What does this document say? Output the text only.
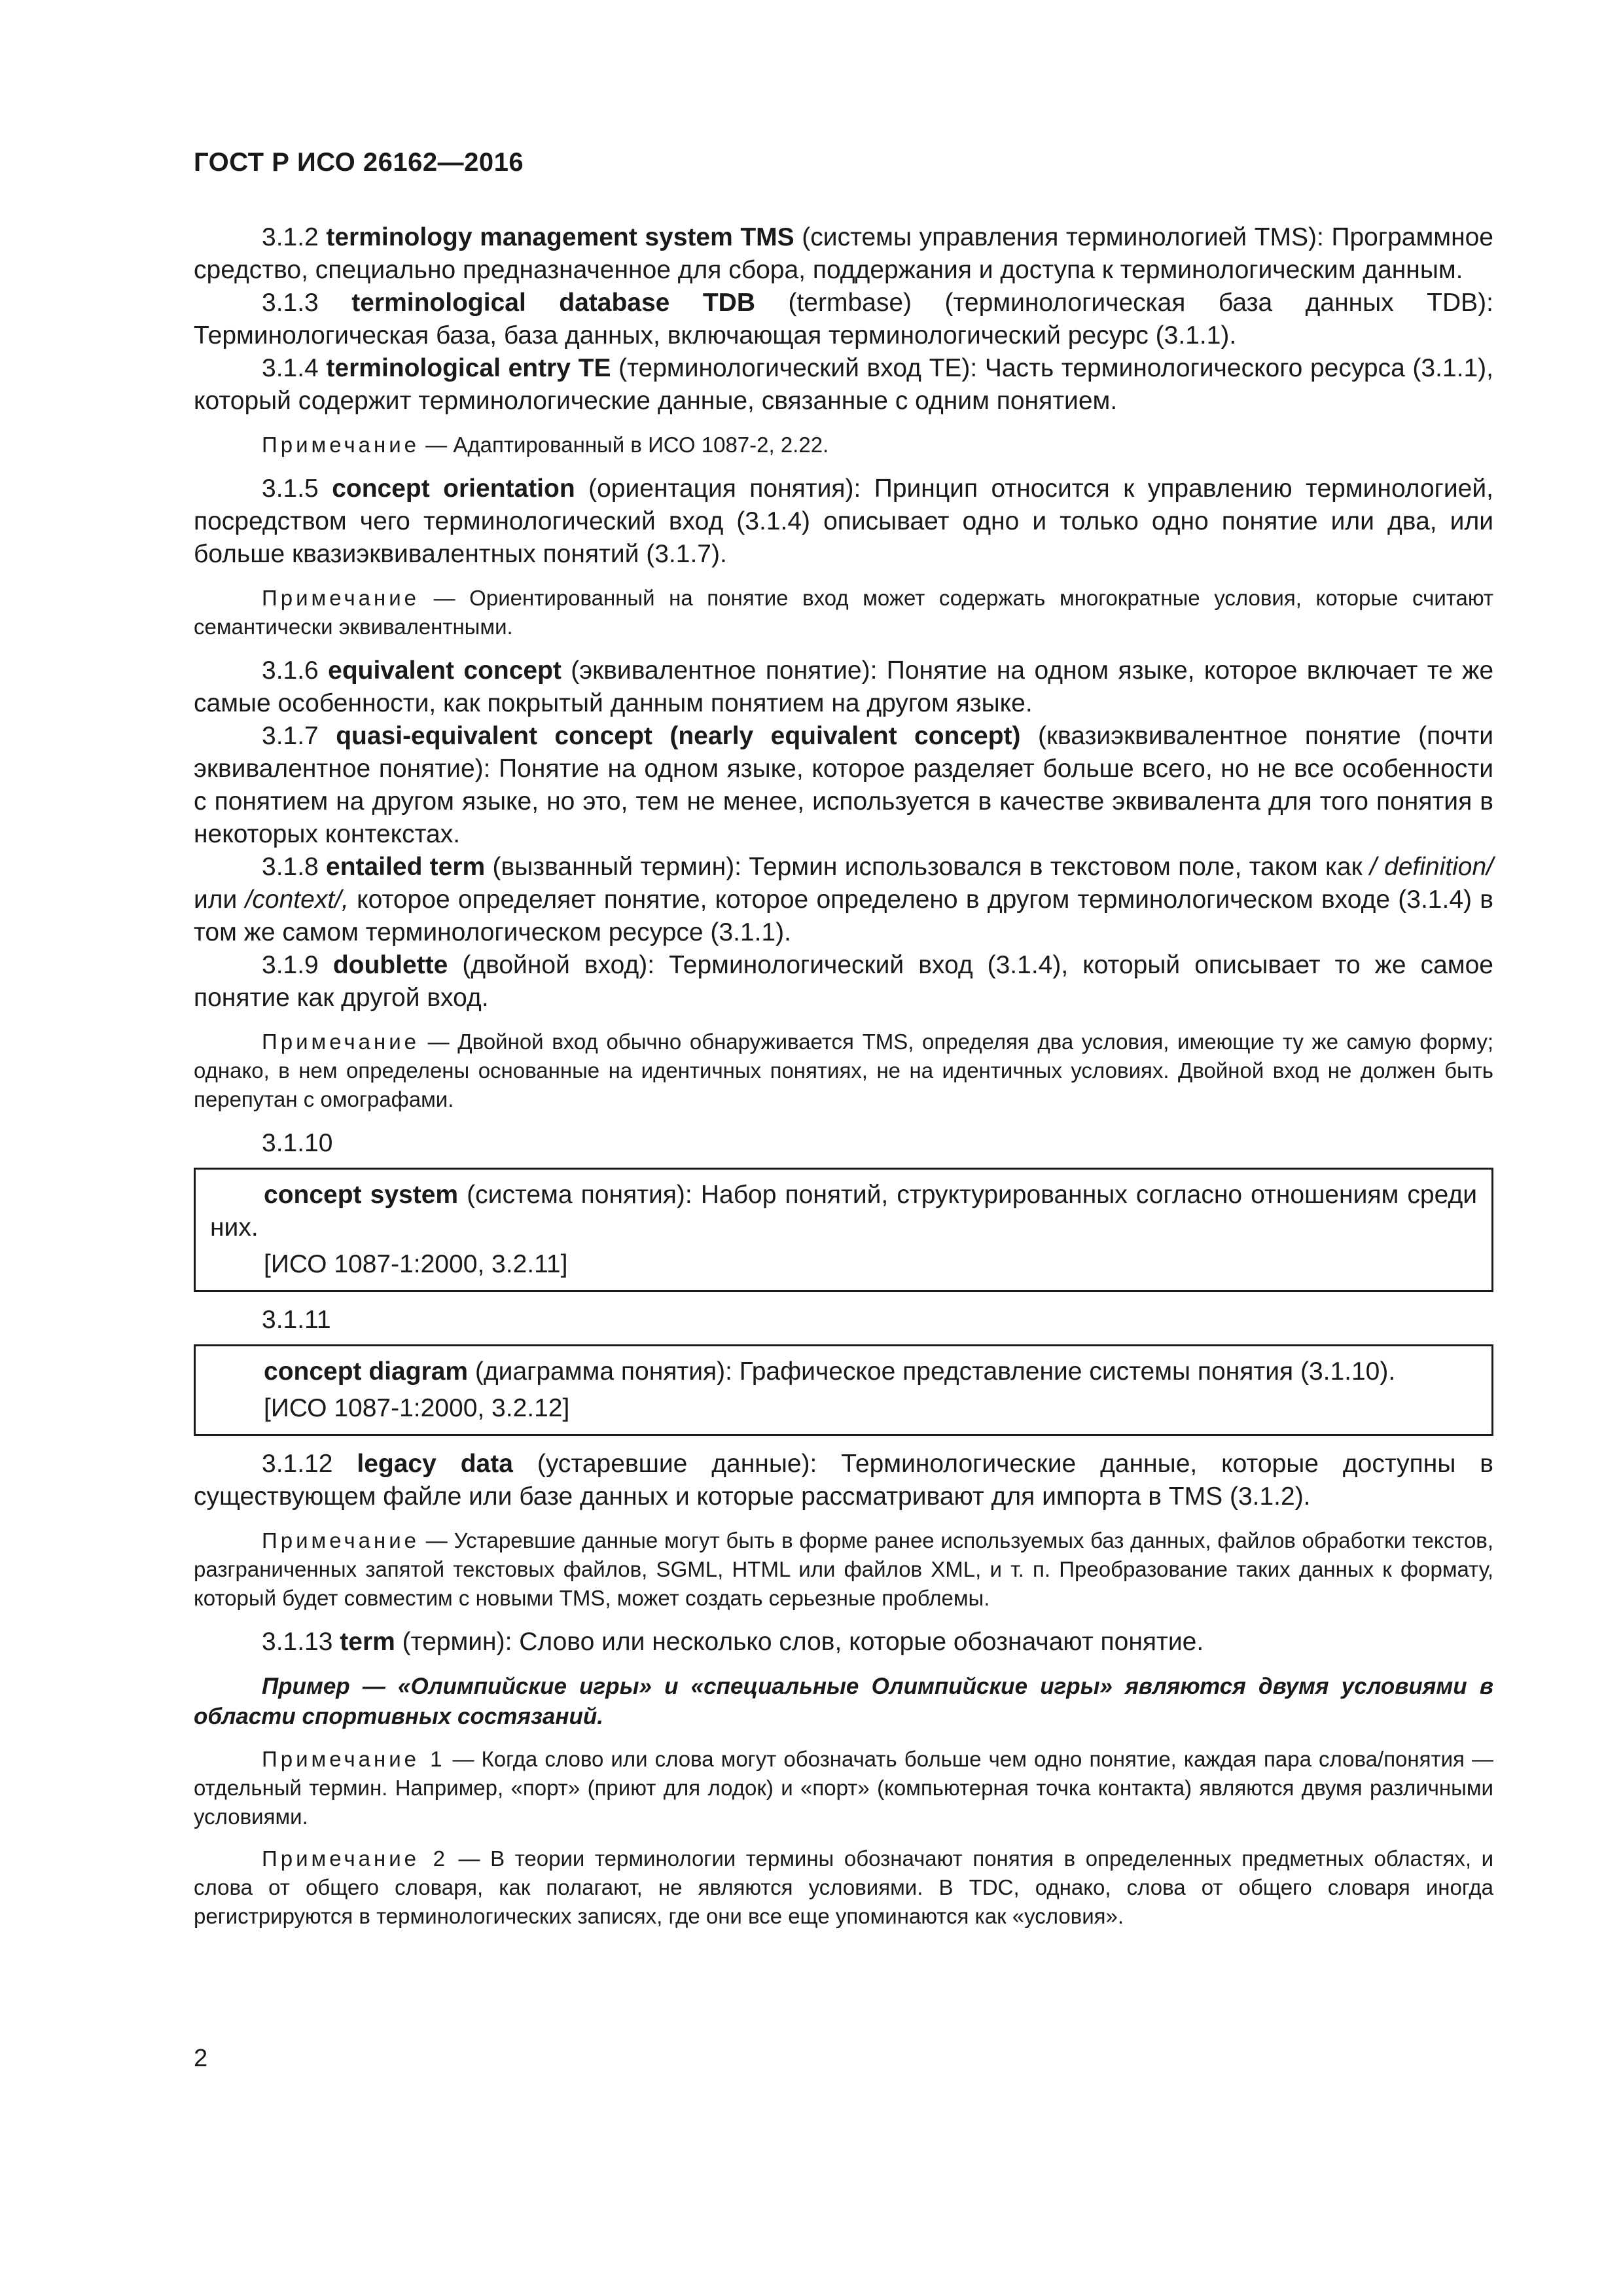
ГОСТ Р ИСО 26162—2016

3.1.2 terminology management system TMS (системы управления терминологией TMS): Программное средство, специально предназначенное для сбора, поддержания и доступа к терминологическим данным.

3.1.3 terminological database TDB (termbase) (терминологическая база данных TDB): Терминологическая база, база данных, включающая терминологический ресурс (3.1.1).

3.1.4 terminological entry TE (терминологический вход TE): Часть терминологического ресурса (3.1.1), который содержит терминологические данные, связанные с одним понятием.

Примечание — Адаптированный в ИСО 1087-2, 2.22.

3.1.5 concept orientation (ориентация понятия): Принцип относится к управлению терминологией, посредством чего терминологический вход (3.1.4) описывает одно и только одно понятие или два, или больше квазиэквивалентных понятий (3.1.7).

Примечание — Ориентированный на понятие вход может содержать многократные условия, которые считают семантически эквивалентными.

3.1.6 equivalent concept (эквивалентное понятие): Понятие на одном языке, которое включает те же самые особенности, как покрытый данным понятием на другом языке.

3.1.7 quasi-equivalent concept (nearly equivalent concept) (квазиэквивалентное понятие (почти эквивалентное понятие): Понятие на одном языке, которое разделяет больше всего, но не все особенности с понятием на другом языке, но это, тем не менее, используется в качестве эквивалента для того понятия в некоторых контекстах.

3.1.8 entailed term (вызванный термин): Термин использовался в текстовом поле, таком как / definition/ или /context/, которое определяет понятие, которое определено в другом терминологическом входе (3.1.4) в том же самом терминологическом ресурсе (3.1.1).

3.1.9 doublette (двойной вход): Терминологический вход (3.1.4), который описывает то же самое понятие как другой вход.

Примечание — Двойной вход обычно обнаруживается TMS, определяя два условия, имеющие ту же самую форму; однако, в нем определены основанные на идентичных понятиях, не на идентичных условиях. Двойной вход не должен быть перепутан с омографами.

3.1.10

concept system (система понятия): Набор понятий, структурированных согласно отношениям среди них.

[ИСО 1087-1:2000, 3.2.11]
3.1.11

concept diagram (диаграмма понятия): Графическое представление системы понятия (3.1.10).

[ИСО 1087-1:2000, 3.2.12]

3.1.12 legacy data (устаревшие данные): Терминологические данные, которые доступны в существующем файле или базе данных и которые рассматривают для импорта в TMS (3.1.2).

Примечание — Устаревшие данные могут быть в форме ранее используемых баз данных, файлов обработки текстов, разграниченных запятой текстовых файлов, SGML, HTML или файлов XML, и т. п. Преобразование таких данных к формату, который будет совместим с новыми TMS, может создать серьезные проблемы.

3.1.13 term (термин): Слово или несколько слов, которые обозначают понятие.

Пример — «Олимпийские игры» и «специальные Олимпийские игры» являются двумя условиями в области спортивных состязаний.

Примечание 1 — Когда слово или слова могут обозначать больше чем одно понятие, каждая пара слова/понятия — отдельный термин. Например, «порт» (приют для лодок) и «порт» (компьютерная точка контакта) являются двумя различными условиями.

Примечание 2 — В теории терминологии термины обозначают понятия в определенных предметных областях, и слова от общего словаря, как полагают, не являются условиями. В TDC, однако, слова от общего словаря иногда регистрируются в терминологических записях, где они все еще упоминаются как «условия».

2
